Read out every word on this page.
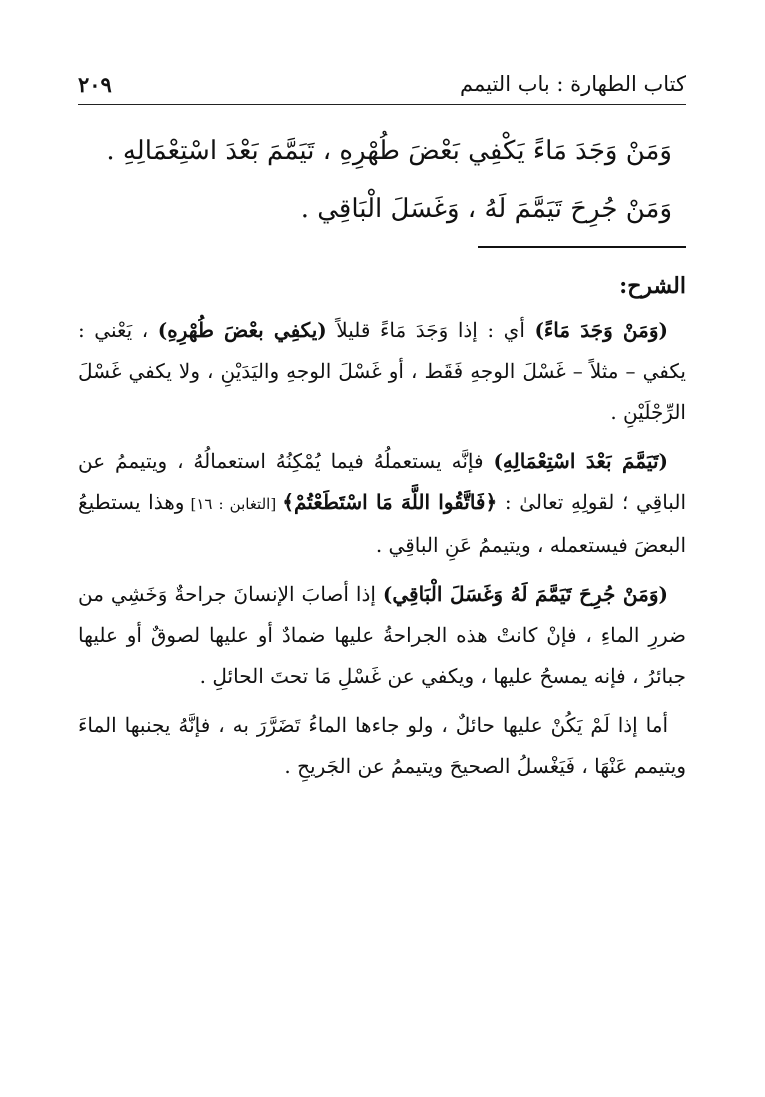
كتاب الطهارة : باب التيمم
٢٠٩
وَمَنْ وَجَدَ مَاءً يَكْفِي بَعْضَ طُهْرِهِ ، تَيَمَّمَ بَعْدَ اسْتِعْمَالِهِ .
وَمَنْ جُرِحَ تَيَمَّمَ لَهُ ، وَغَسَلَ الْبَاقِي .
الشرح:

(وَمَنْ وَجَدَ مَاءً) أي : إذا وَجَدَ مَاءً قليلاً (يكفِي بعْضَ طُهْرِهِ) ، يَعْني : يكفي – مثلاً – غَسْلَ الوجهِ فَقَط ، أو غَسْلَ الوجهِ واليَدَيْنِ ، ولا يكفي غَسْلَ الرِّجْلَيْنِ .

(تَيَمَّمَ بَعْدَ اسْتِعْمَالِهِ) فإنَّه يستعملُهُ فيما يُمْكِنُهُ استعمالُهُ ، ويتيممُ عن الباقِي ؛ لقولِهِ تعالىٰ : ﴿فَاتَّقُوا اللَّهَ مَا اسْتَطَعْتُمْ﴾ [التغابن : ١٦] وهذا يستطيعُ البعضَ فيستعمله ، ويتيممُ عَنِ الباقِي .

(وَمَنْ جُرِحَ تَيَمَّمَ لَهُ وَغَسَلَ الْبَاقِي) إذا أصابَ الإنسانَ جراحةٌ وَخَشِي من ضررِ الماءِ ، فإنْ كانتْ هذه الجراحةُ عليها ضمادٌ أو عليها لصوقٌ أو عليها جبائرُ ، فإنه يمسحُ عليها ، ويكفي عن غَسْلِ مَا تحتَ الحائلِ .

أما إذا لَمْ يَكُنْ عليها حائلٌ ، ولو جاءها الماءُ تَضَرَّرَ به ، فإنَّهُ يجنبها الماءَ ويتيمم عَنْهَا ، فَيَغْسلُ الصحيحَ ويتيممُ عن الجَريحِ .
